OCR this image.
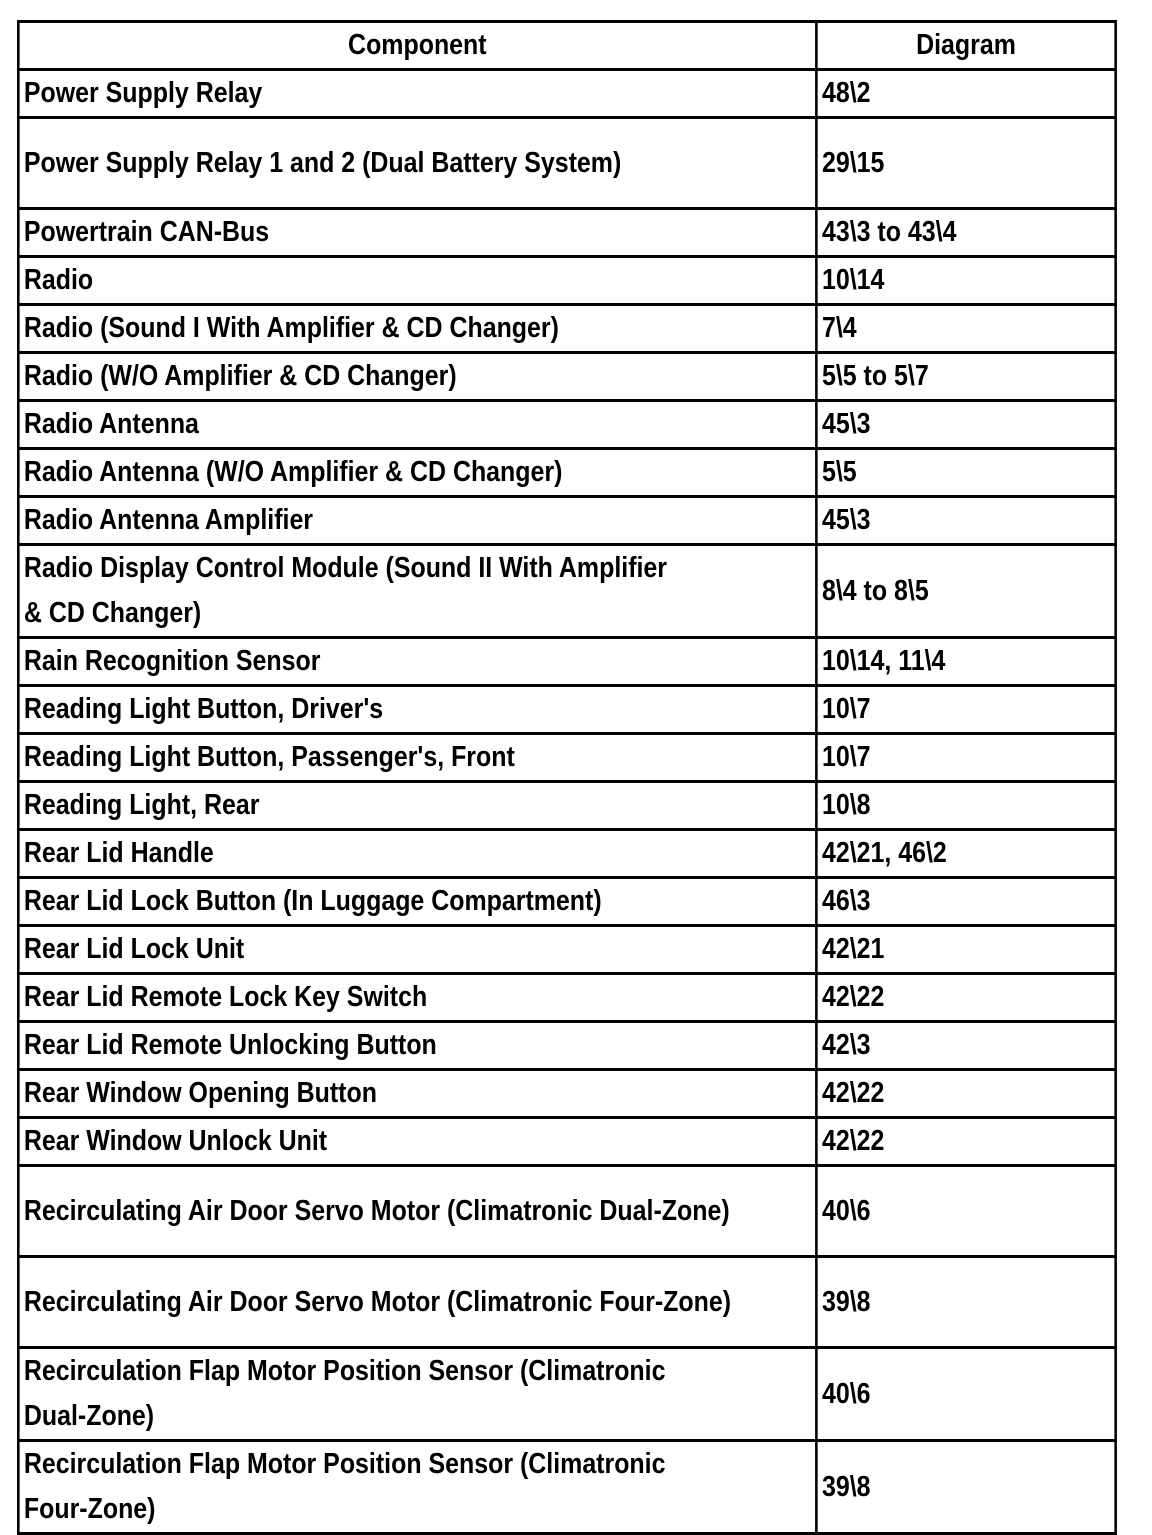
Component	Diagram
Power Supply Relay	48\2
Power Supply Relay 1 and 2 (Dual Battery System)	29\15
Powertrain CAN-Bus	43\3 to 43\4
Radio	10\14
Radio (Sound I With Amplifier & CD Changer)	7\4
Radio (W/O Amplifier & CD Changer)	5\5 to 5\7
Radio Antenna	45\3
Radio Antenna (W/O Amplifier & CD Changer)	5\5
Radio Antenna Amplifier	45\3
Radio Display Control Module (Sound II With Amplifier
& CD Changer)	8\4 to 8\5
Rain Recognition Sensor	10\14, 11\4
Reading Light Button, Driver's	10\7
Reading Light Button, Passenger's, Front	10\7
Reading Light, Rear	10\8
Rear Lid Handle	42\21, 46\2
Rear Lid Lock Button (In Luggage Compartment)	46\3
Rear Lid Lock Unit	42\21
Rear Lid Remote Lock Key Switch	42\22
Rear Lid Remote Unlocking Button	42\3
Rear Window Opening Button	42\22
Rear Window Unlock Unit	42\22
Recirculating Air Door Servo Motor (Climatronic Dual-Zone)	40\6
Recirculating Air Door Servo Motor (Climatronic Four-Zone)	39\8
Recirculation Flap Motor Position Sensor (Climatronic
Dual-Zone)	40\6
Recirculation Flap Motor Position Sensor (Climatronic
Four-Zone)	39\8
